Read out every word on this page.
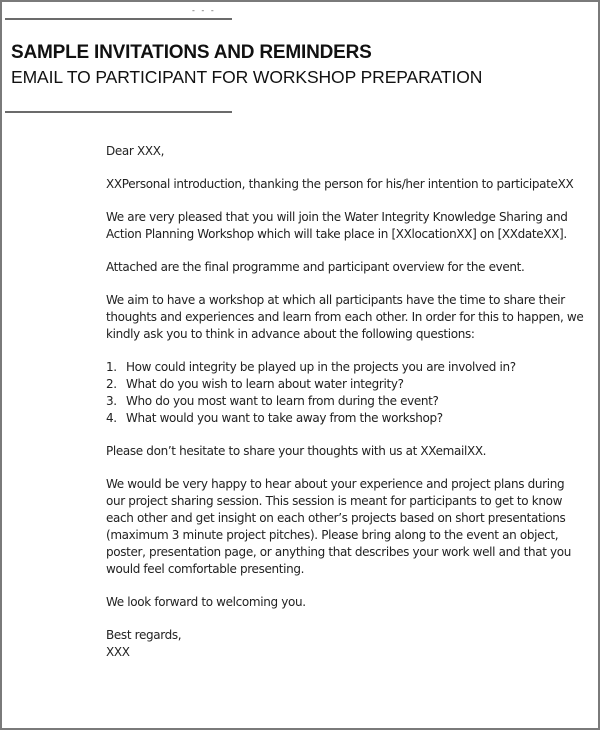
- - -
SAMPLE INVITATIONS AND REMINDERS
EMAIL TO PARTICIPANT FOR WORKSHOP PREPARATION

Dear XXX,

XXPersonal introduction, thanking the person for his/her intention to participateXX

We are very pleased that you will join the Water Integrity Knowledge Sharing and Action Planning Workshop which will take place in [XXlocationXX] on [XXdateXX].

Attached are the final programme and participant overview for the event.

We aim to have a workshop at which all participants have the time to share their thoughts and experiences and learn from each other. In order for this to happen, we kindly ask you to think in advance about the following questions:

1. How could integrity be played up in the projects you are involved in?
2. What do you wish to learn about water integrity?
3. Who do you most want to learn from during the event?
4. What would you want to take away from the workshop?

Please don’t hesitate to share your thoughts with us at XXemailXX.

We would be very happy to hear about your experience and project plans during our project sharing session. This session is meant for participants to get to know each other and get insight on each other’s projects based on short presentations (maximum 3 minute project pitches). Please bring along to the event an object, poster, presentation page, or anything that describes your work well and that you would feel comfortable presenting.

We look forward to welcoming you.

Best regards,

XXX
